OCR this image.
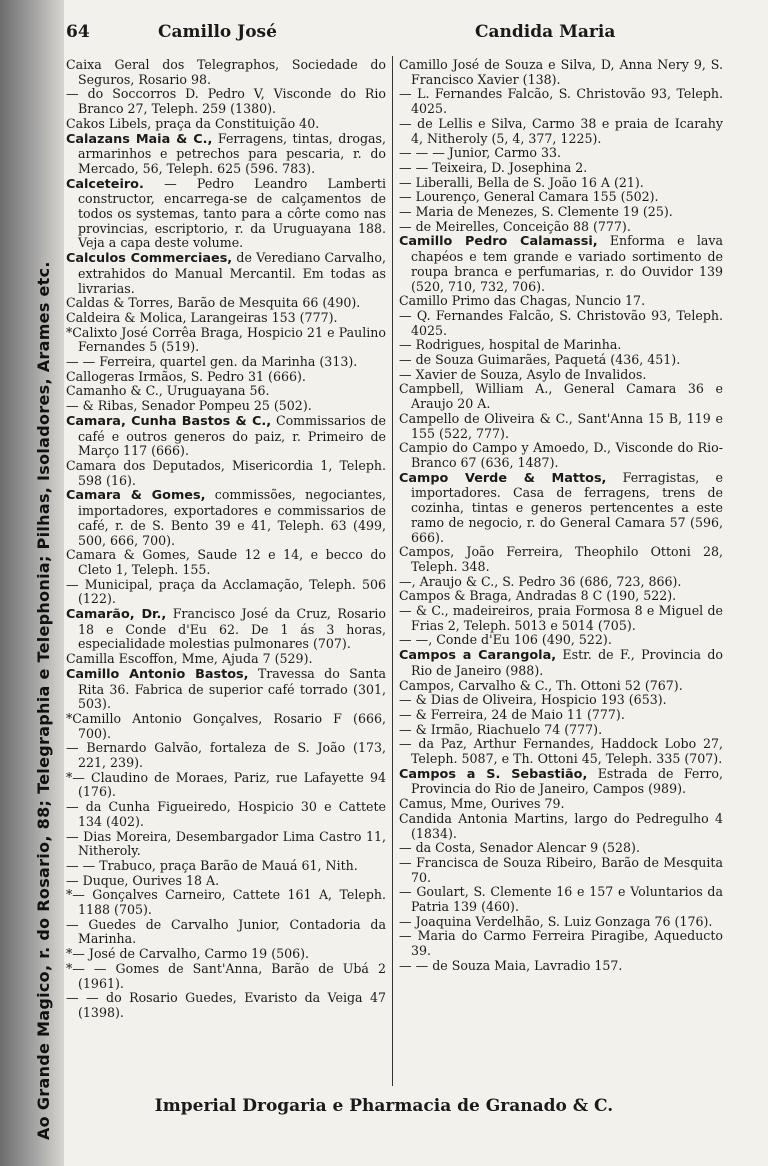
Ao Grande Magico, r. do Rosario, 88; Telegraphia e Telephonia; Pilhas, Isoladores, Arames etc.
64	Camillo José	Candida Maria

Caixa Geral dos Telegraphos, Sociedade do Seguros, Rosario 98.

— do Soccorros D. Pedro V, Visconde do Rio Branco 27, Teleph. 259 (1380).

Cakos Libels, praça da Constituição 40.

Calazans Maia & C., Ferragens, tintas, drogas, armarinhos e petrechos para pescaria, r. do Mercado, 56, Teleph. 625 (596. 783).

Calceteiro. — Pedro Leandro Lamberti constructor, encarrega-se de calçamentos de todos os systemas, tanto para a côrte como nas provincias, escriptorio, r. da Uruguayana 188. Veja a capa deste volume.

Calculos Commerciaes, de Verediano Carvalho, extrahidos do Manual Mercantil. Em todas as livrarias.

Caldas & Torres, Barão de Mesquita 66 (490).

Caldeira & Molica, Larangeiras 153 (777).

*Calixto José Corrêa Braga, Hospicio 21 e Paulino Fernandes 5 (519).

— — Ferreira, quartel gen. da Marinha (313).

Callogeras Irmãos, S. Pedro 31 (666).

Camanho & C., Uruguayana 56.

— & Ribas, Senador Pompeu 25 (502).

Camara, Cunha Bastos & C., Commissarios de café e outros generos do paiz, r. Primeiro de Março 117 (666).

Camara dos Deputados, Misericordia 1, Teleph. 598 (16).

Camara & Gomes, commissões, negociantes, importadores, exportadores e commissarios de café, r. de S. Bento 39 e 41, Teleph. 63 (499, 500, 666, 700).

Camara & Gomes, Saude 12 e 14, e becco do Cleto 1, Teleph. 155.

— Municipal, praça da Acclamação, Teleph. 506 (122).

Camarão, Dr., Francisco José da Cruz, Rosario 18 e Conde d'Eu 62. De 1 ás 3 horas, especialidade molestias pulmonares (707).

Camilla Escoffon, Mme, Ajuda 7 (529).

Camillo Antonio Bastos, Travessa do Santa Rita 36. Fabrica de superior café torrado (301, 503).

*Camillo Antonio Gonçalves, Rosario F (666, 700).

— Bernardo Galvão, fortaleza de S. João (173, 221, 239).

*— Claudino de Moraes, Pariz, rue Lafayette 94 (176).

— da Cunha Figueiredo, Hospicio 30 e Cattete 134 (402).

— Dias Moreira, Desembargador Lima Castro 11, Nitheroly.

— — Trabuco, praça Barão de Mauá 61, Nith.

— Duque, Ourives 18 A.

*— Gonçalves Carneiro, Cattete 161 A, Teleph. 1188 (705).

— Guedes de Carvalho Junior, Contadoria da Marinha.

*— José de Carvalho, Carmo 19 (506).

*— — Gomes de Sant'Anna, Barão de Ubá 2 (1961).

— — do Rosario Guedes, Evaristo da Veiga 47 (1398).

Camillo José de Souza e Silva, D, Anna Nery 9, S. Francisco Xavier (138).

— L. Fernandes Falcão, S. Christovão 93, Teleph. 4025.

— de Lellis e Silva, Carmo 38 e praia de Icarahy 4, Nitheroly (5, 4, 377, 1225).

— — — Junior, Carmo 33.

— — Teixeira, D. Josephina 2.

— Liberalli, Bella de S. João 16 A (21).

— Lourenço, General Camara 155 (502).

— Maria de Menezes, S. Clemente 19 (25).

— de Meirelles, Conceição 88 (777).

Camillo Pedro Calamassi, Enforma e lava chapéos e tem grande e variado sortimento de roupa branca e perfumarias, r. do Ouvidor 139 (520, 710, 732, 706).

Camillo Primo das Chagas, Nuncio 17.

— Q. Fernandes Falcão, S. Christovão 93, Teleph. 4025.

— Rodrigues, hospital de Marinha.

— de Souza Guimarães, Paquetá (436, 451).

— Xavier de Souza, Asylo de Invalidos.

Campbell, William A., General Camara 36 e Araujo 20 A.

Campello de Oliveira & C., Sant'Anna 15 B, 119 e 155 (522, 777).

Campio do Campo y Amoedo, D., Visconde do Rio-Branco 67 (636, 1487).

Campo Verde & Mattos, Ferragistas, e importadores. Casa de ferragens, trens de cozinha, tintas e generos pertencentes a este ramo de negocio, r. do General Camara 57 (596, 666).

Campos, João Ferreira, Theophilo Ottoni 28, Teleph. 348.

—, Araujo & C., S. Pedro 36 (686, 723, 866).

Campos & Braga, Andradas 8 C (190, 522).

— & C., madeireiros, praia Formosa 8 e Miguel de Frias 2, Teleph. 5013 e 5014 (705).

— —, Conde d'Eu 106 (490, 522).

Campos a Carangola, Estr. de F., Provincia do Rio de Janeiro (988).

Campos, Carvalho & C., Th. Ottoni 52 (767).

— & Dias de Oliveira, Hospicio 193 (653).

— & Ferreira, 24 de Maio 11 (777).

— & Irmão, Riachuelo 74 (777).

— da Paz, Arthur Fernandes, Haddock Lobo 27, Teleph. 5087, e Th. Ottoni 45, Teleph. 335 (707).

Campos a S. Sebastião, Estrada de Ferro, Provincia do Rio de Janeiro, Campos (989).

Camus, Mme, Ourives 79.

Candida Antonia Martins, largo do Pedregulho 4 (1834).

— da Costa, Senador Alencar 9 (528).

— Francisca de Souza Ribeiro, Barão de Mesquita 70.

— Goulart, S. Clemente 16 e 157 e Voluntarios da Patria 139 (460).

— Joaquina Verdelhão, S. Luiz Gonzaga 76 (176).

— Maria do Carmo Ferreira Piragibe, Aqueducto 39.

— — de Souza Maia, Lavradio 157.

Imperial Drogaria e Pharmacia de Granado & C.
